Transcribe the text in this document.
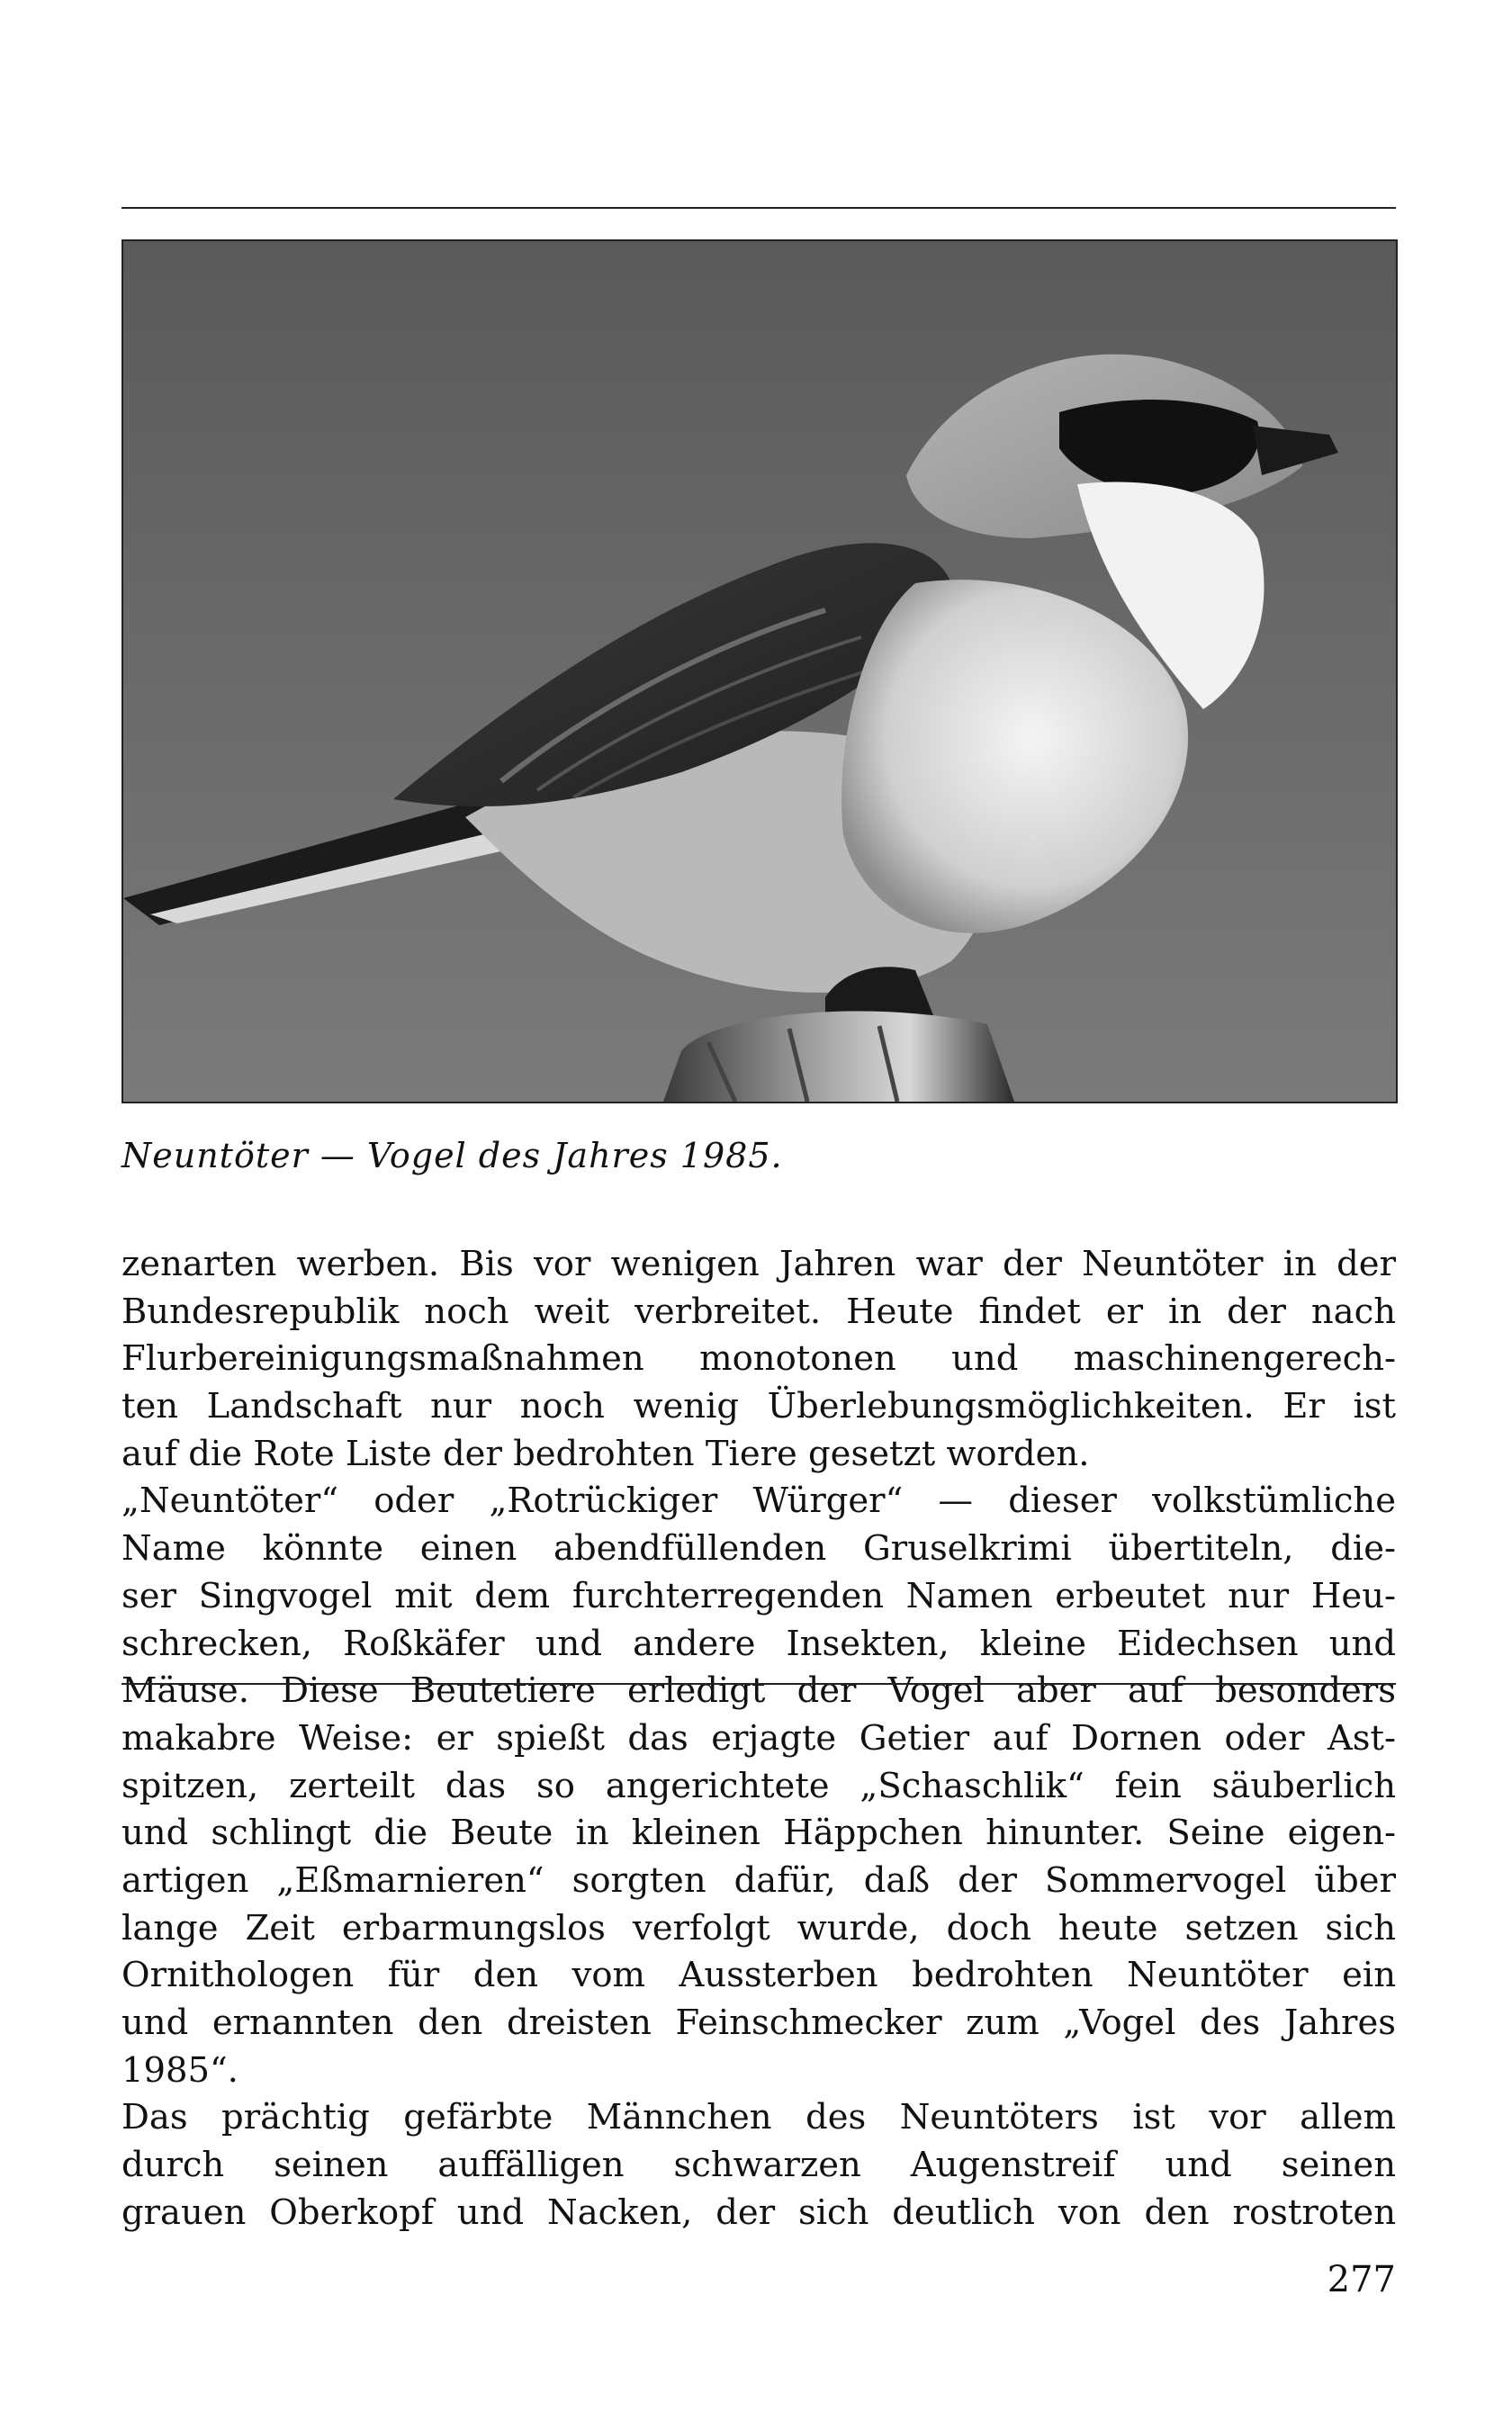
Neuntöter — Vogel des Jahres 1985.
zenarten werben. Bis vor wenigen Jahren war der Neuntöter in der
Bundesrepublik noch weit verbreitet. Heute findet er in der nach
Flurbereinigungsmaßnahmen monotonen und maschinengerech-
ten Landschaft nur noch wenig Überlebungsmöglichkeiten. Er ist
auf die Rote Liste der bedrohten Tiere gesetzt worden.
„Neuntöter“ oder „Rotrückiger Würger“ — dieser volkstümliche
Name könnte einen abendfüllenden Gruselkrimi übertiteln, die-
ser Singvogel mit dem furchterregenden Namen erbeutet nur Heu-
schrecken, Roßkäfer und andere Insekten, kleine Eidechsen und
Mäuse. Diese Beutetiere erledigt der Vogel aber auf besonders
makabre Weise: er spießt das erjagte Getier auf Dornen oder Ast-
spitzen, zerteilt das so angerichtete „Schaschlik“ fein säuberlich
und schlingt die Beute in kleinen Häppchen hinunter. Seine eigen-
artigen „Eßmarnieren“ sorgten dafür, daß der Sommervogel über
lange Zeit erbarmungslos verfolgt wurde, doch heute setzen sich
Ornithologen für den vom Aussterben bedrohten Neuntöter ein
und ernannten den dreisten Feinschmecker zum „Vogel des Jahres
1985“.
Das prächtig gefärbte Männchen des Neuntöters ist vor allem
durch seinen auffälligen schwarzen Augenstreif und seinen
grauen Oberkopf und Nacken, der sich deutlich von den rostroten
277
